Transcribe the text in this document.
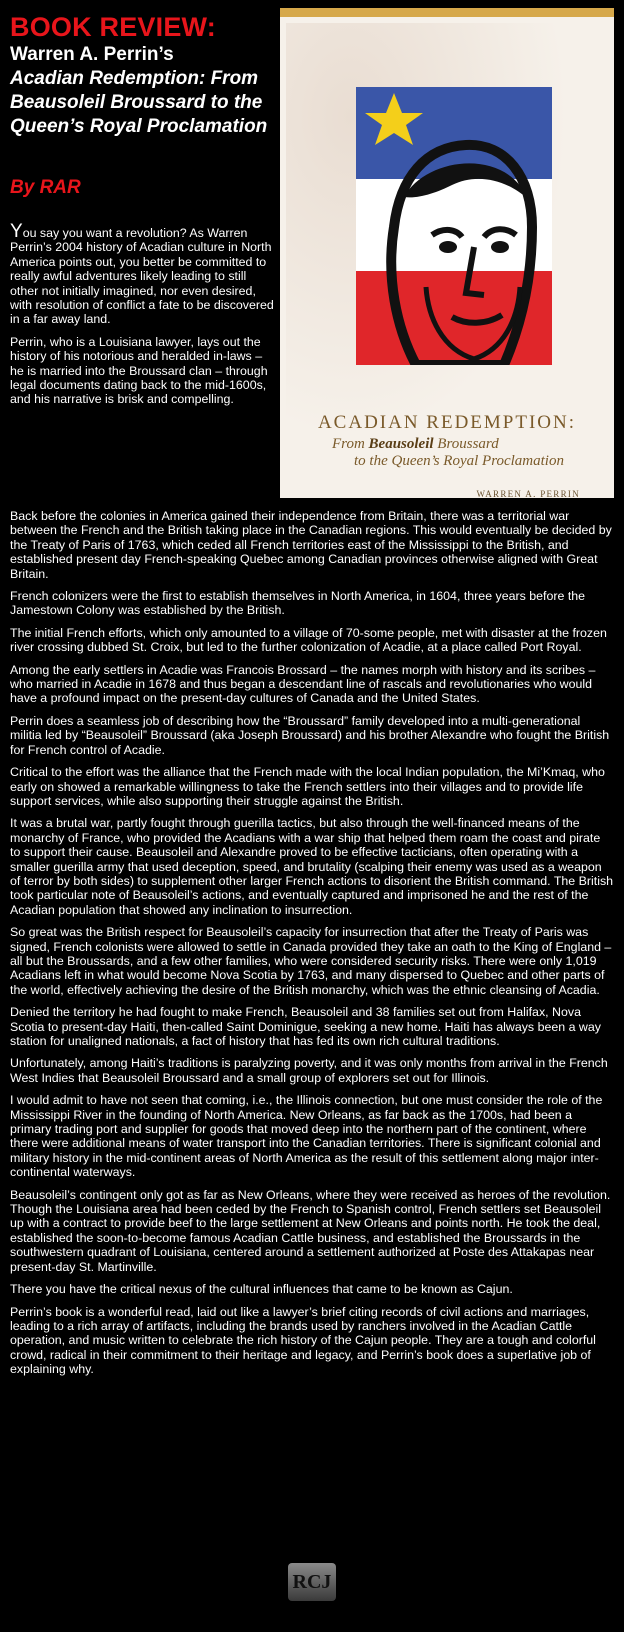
BOOK REVIEW:
Warren A. Perrin’s
Acadian Redemption: From Beausoleil Broussard to the Queen’s Royal Proclamation
By RAR

You say you want a revolution? As Warren Perrin’s 2004 history of Acadian culture in North America points out, you better be committed to really awful adventures likely leading to still other not initially imagined, nor even desired, with resolution of conflict a fate to be discovered in a far away land.

Perrin, who is a Louisiana lawyer, lays out the history of his notorious and heralded in-laws – he is married into the Broussard clan – through legal documents dating back to the mid-1600s, and his narrative is brisk and compelling.

ACADIAN REDEMPTION:
From Beausoleil Broussard
to the Queen’s Royal Proclamation
WARREN A. PERRIN

Back before the colonies in America gained their independence from Britain, there was a territorial war between the French and the British taking place in the Canadian regions. This would eventually be decided by the Treaty of Paris of 1763, which ceded all French territories east of the Mississippi to the British, and established present day French-speaking Quebec among Canadian provinces otherwise aligned with Great Britain.

French colonizers were the first to establish themselves in North America, in 1604, three years before the Jamestown Colony was established by the British.

The initial French efforts, which only amounted to a village of 70-some people, met with disaster at the frozen river crossing dubbed St. Croix, but led to the further colonization of Acadie, at a place called Port Royal.

Among the early settlers in Acadie was Francois Brossard – the names morph with history and its scribes – who married in Acadie in 1678 and thus began a descendant line of rascals and revolutionaries who would have a profound impact on the present-day cultures of Canada and the United States.

Perrin does a seamless job of describing how the “Broussard” family developed into a multi-generational militia led by “Beausoleil” Broussard (aka Joseph Broussard) and his brother Alexandre who fought the British for French control of Acadie.

Critical to the effort was the alliance that the French made with the local Indian population, the Mi’Kmaq, who early on showed a remarkable willingness to take the French settlers into their villages and to provide life support services, while also supporting their struggle against the British.

It was a brutal war, partly fought through guerilla tactics, but also through the well-financed means of the monarchy of France, who provided the Acadians with a war ship that helped them roam the coast and pirate to support their cause. Beausoleil and Alexandre proved to be effective tacticians, often operating with a smaller guerilla army that used deception, speed, and brutality (scalping their enemy was used as a weapon of terror by both sides) to supplement other larger French actions to disorient the British command. The British took particular note of Beausoleil’s actions, and eventually captured and imprisoned he and the rest of the Acadian population that showed any inclination to insurrection.

So great was the British respect for Beausoleil’s capacity for insurrection that after the Treaty of Paris was signed, French colonists were allowed to settle in Canada provided they take an oath to the King of England – all but the Broussards, and a few other families, who were considered security risks. There were only 1,019 Acadians left in what would become Nova Scotia by 1763, and many dispersed to Quebec and other parts of the world, effectively achieving the desire of the British monarchy, which was the ethnic cleansing of Acadia.

Denied the territory he had fought to make French, Beausoleil and 38 families set out from Halifax, Nova Scotia to present-day Haiti, then-called Saint Dominigue, seeking a new home. Haiti has always been a way station for unaligned nationals, a fact of history that has fed its own rich cultural traditions.

Unfortunately, among Haiti’s traditions is paralyzing poverty, and it was only months from arrival in the French West Indies that Beausoleil Broussard and a small group of explorers set out for Illinois.

I would admit to have not seen that coming, i.e., the Illinois connection, but one must consider the role of the Mississippi River in the founding of North America. New Orleans, as far back as the 1700s, had been a primary trading port and supplier for goods that moved deep into the northern part of the continent, where there were additional means of water transport into the Canadian territories. There is significant colonial and military history in the mid-continent areas of North America as the result of this settlement along major inter-continental waterways.

Beausoleil’s contingent only got as far as New Orleans, where they were received as heroes of the revolution. Though the Louisiana area had been ceded by the French to Spanish control, French settlers set Beausoleil up with a contract to provide beef to the large settlement at New Orleans and points north. He took the deal, established the soon-to-become famous Acadian Cattle business, and established the Broussards in the southwestern quadrant of Louisiana, centered around a settlement authorized at Poste des Attakapas near present-day St. Martinville.

There you have the critical nexus of the cultural influences that came to be known as Cajun.

Perrin’s book is a wonderful read, laid out like a lawyer’s brief citing records of civil actions and marriages, leading to a rich array of artifacts, including the brands used by ranchers involved in the Acadian Cattle operation, and music written to celebrate the rich history of the Cajun people. They are a tough and colorful crowd, radical in their commitment to their heritage and legacy, and Perrin’s book does a superlative job of explaining why.

RCJ
